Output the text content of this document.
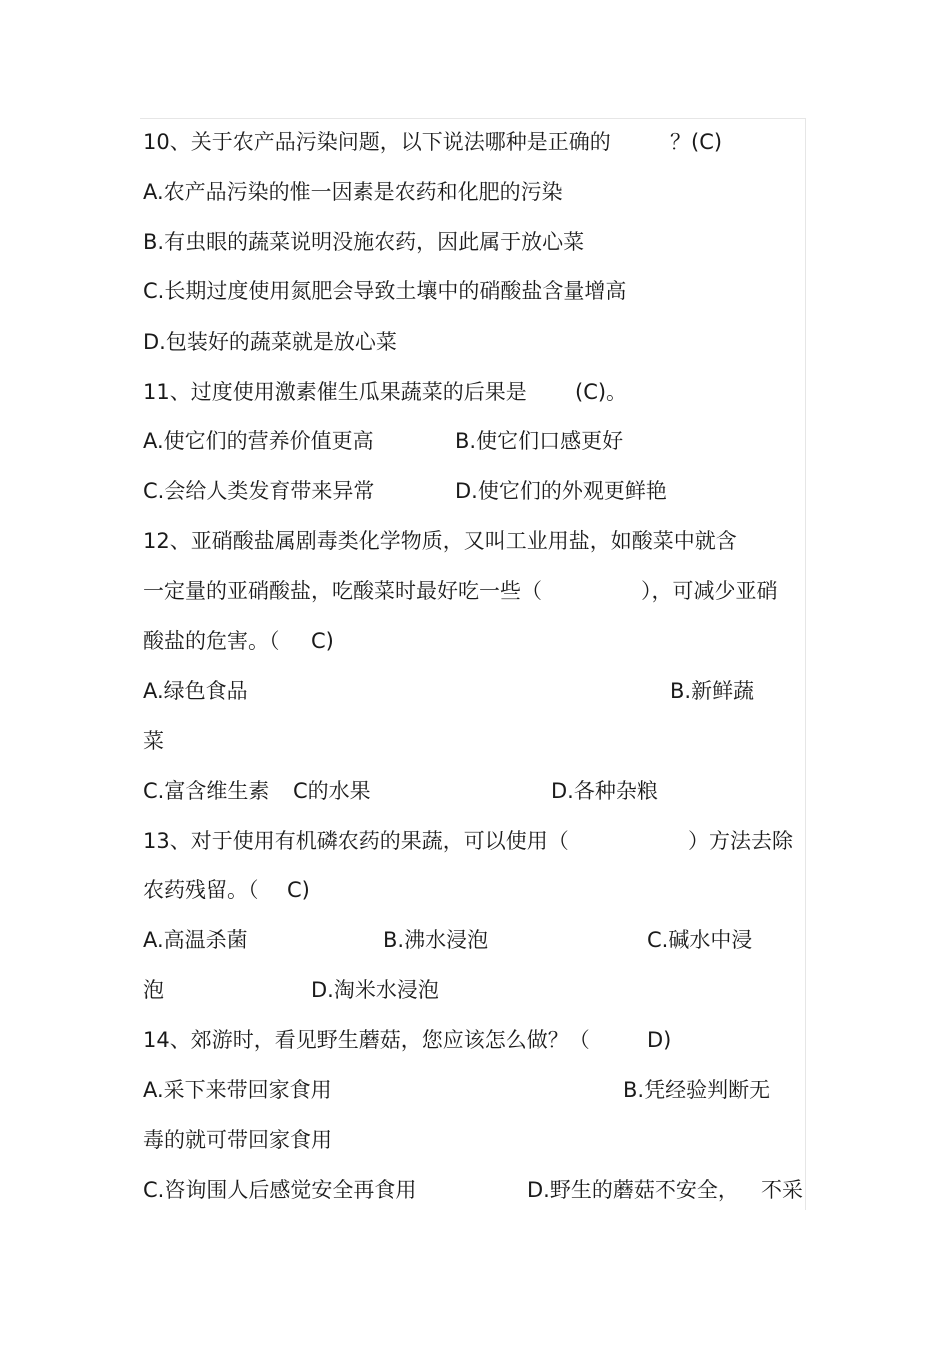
10、关于农产品污染问题，以下说法哪种是正确的

	？(C)

A.农产品污染的惟一因素是农药和化肥的污染

B.有虫眼的蔬菜说明没施农药，因此属于放心菜

C.长期过度使用氮肥会导致土壤中的硝酸盐含量增高

D.包装好的蔬菜就是放心菜

11、过度使用激素催生瓜果蔬菜的后果是

(C)。

A.使它们的营养价值更高

	B.使它们口感更好

C.会给人类发育带来异常

	D.使它们的外观更鲜艳

12、亚硝酸盐属剧毒类化学物质，又叫工业用盐，如酸菜中就含

一定量的亚硝酸盐，吃酸菜时最好吃一些（

	），可减少亚硝

酸盐的危害。（

C)

A.绿色食品

	B.新鲜蔬

菜

C.富含维生素

C的水果

	D.各种杂粮

13、对于使用有机磷农药的果蔬，可以使用（

	）方法去除

农药残留。（

C)

A.高温杀菌

	B.沸水浸泡

	C.碱水中浸

泡

	D.淘米水浸泡

14、郊游时，看见野生蘑菇，您应该怎么做？（

	D)

A.采下来带回家食用

	B.凭经验判断无

毒的就可带回家食用

C.咨询围人后感觉安全再食用

	D.野生的蘑菇不安全，

不采
